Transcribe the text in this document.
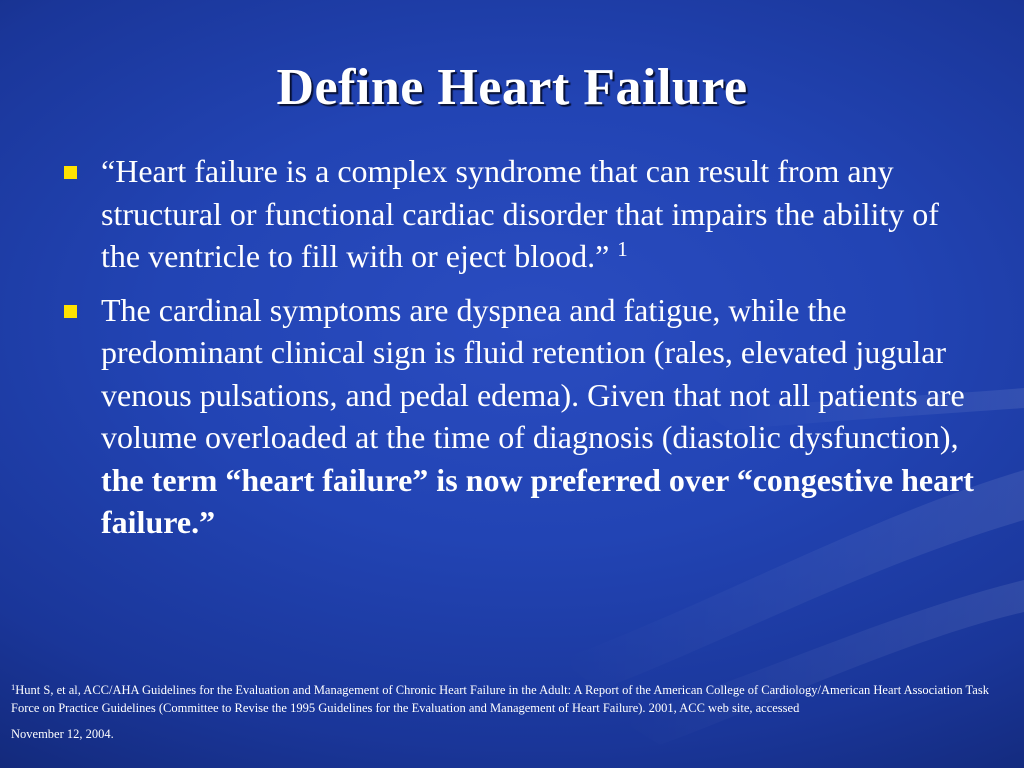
Define Heart Failure
“Heart failure is a complex syndrome that can result from any structural or functional cardiac disorder that impairs the ability of the ventricle to fill with or eject blood.” $^1$
The cardinal symptoms are dyspnea and fatigue, while the predominant clinical sign is fluid retention (rales, elevated jugular venous pulsations, and pedal edema). Given that not all patients are volume overloaded at the time of diagnosis (diastolic dysfunction), the term “heart failure” is now preferred over “congestive heart failure.”

$^1$Hunt S, et al, ACC/AHA Guidelines for the Evaluation and Management of Chronic Heart Failure in the Adult: A Report of the American College of Cardiology/American Heart Association Task Force on Practice Guidelines (Committee to Revise the 1995 Guidelines for the Evaluation and Management of Heart Failure). 2001, ACC web site, accessed
November 12, 2004.
